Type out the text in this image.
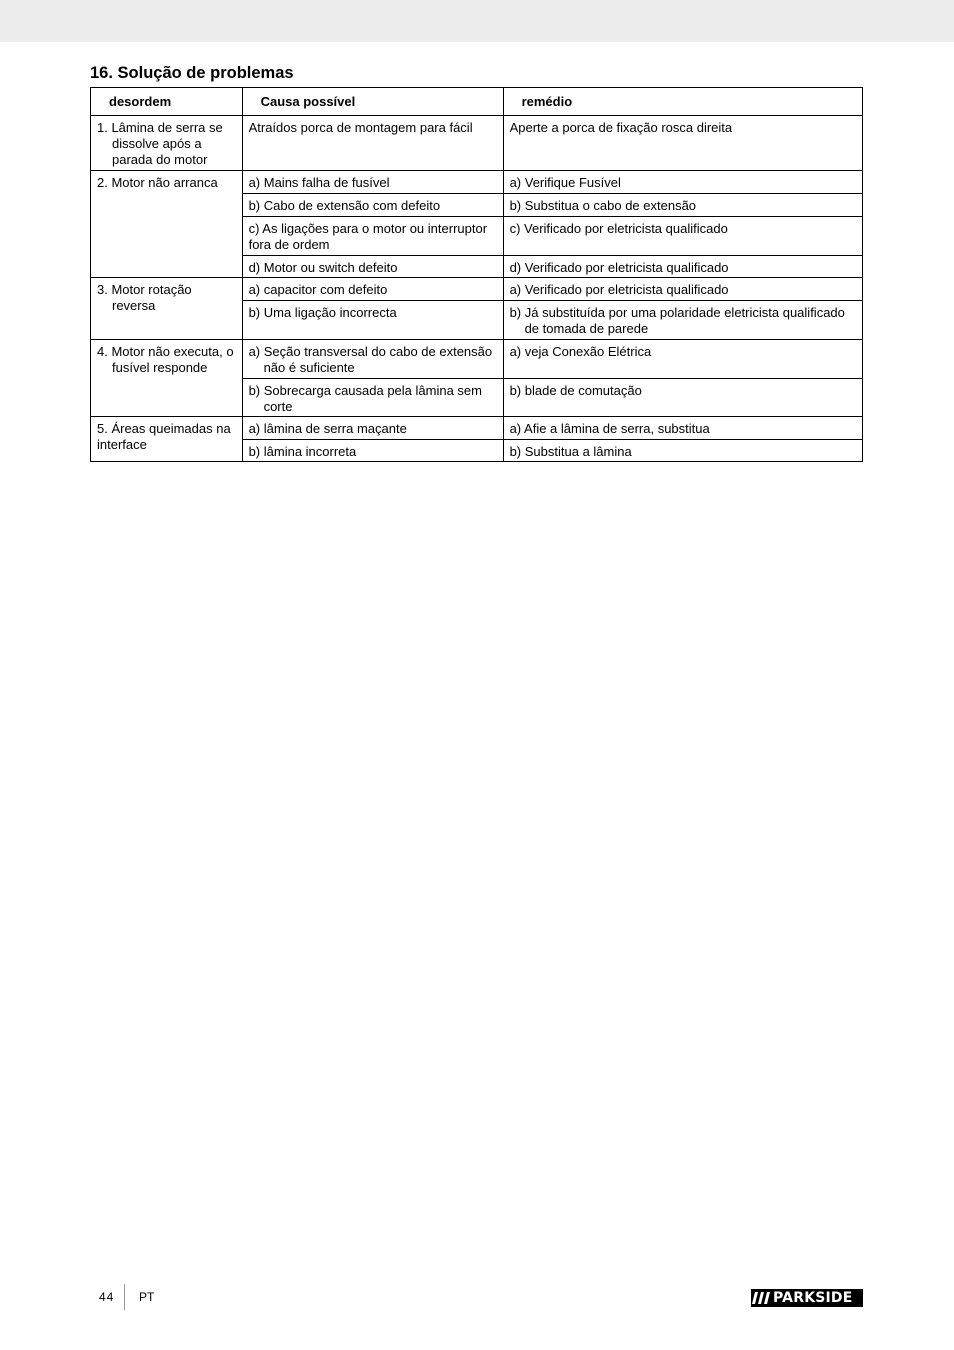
16. Solução de problemas
desordem	Causa possível	remédio

1. Lâmina de serra se dissolve após a parada do motor	Atraídos porca de montagem para fácil	Aperte a porca de fixação rosca direita

2. Motor não arranca	a) Mains falha de fusível	a) Verifique Fusível

	b) Cabo de extensão com defeito	b) Substitua o cabo de extensão

	c) As ligações para o motor ou interruptor fora de ordem	c) Verificado por eletricista qualificado

	d) Motor ou switch defeito	d) Verificado por eletricista qualificado

3. Motor rotação reversa	a) capacitor com defeito	a) Verificado por eletricista qualificado

	b) Uma ligação incorrecta	b) Já substituída por uma polaridade eletricista qualificado de tomada de parede

4. Motor não executa, o fusível responde	a) Seção transversal do cabo de extensão não é suficiente	a) veja Conexão Elétrica

	b) Sobrecarga causada pela lâmina sem corte	b) blade de comutação

5. Áreas queimadas na interface	a) lâmina de serra maçante	a) Afie a lâmina de serra, substitua

	b) lâmina incorreta	b) Substitua a lâmina
44 PT	PARKSIDE
